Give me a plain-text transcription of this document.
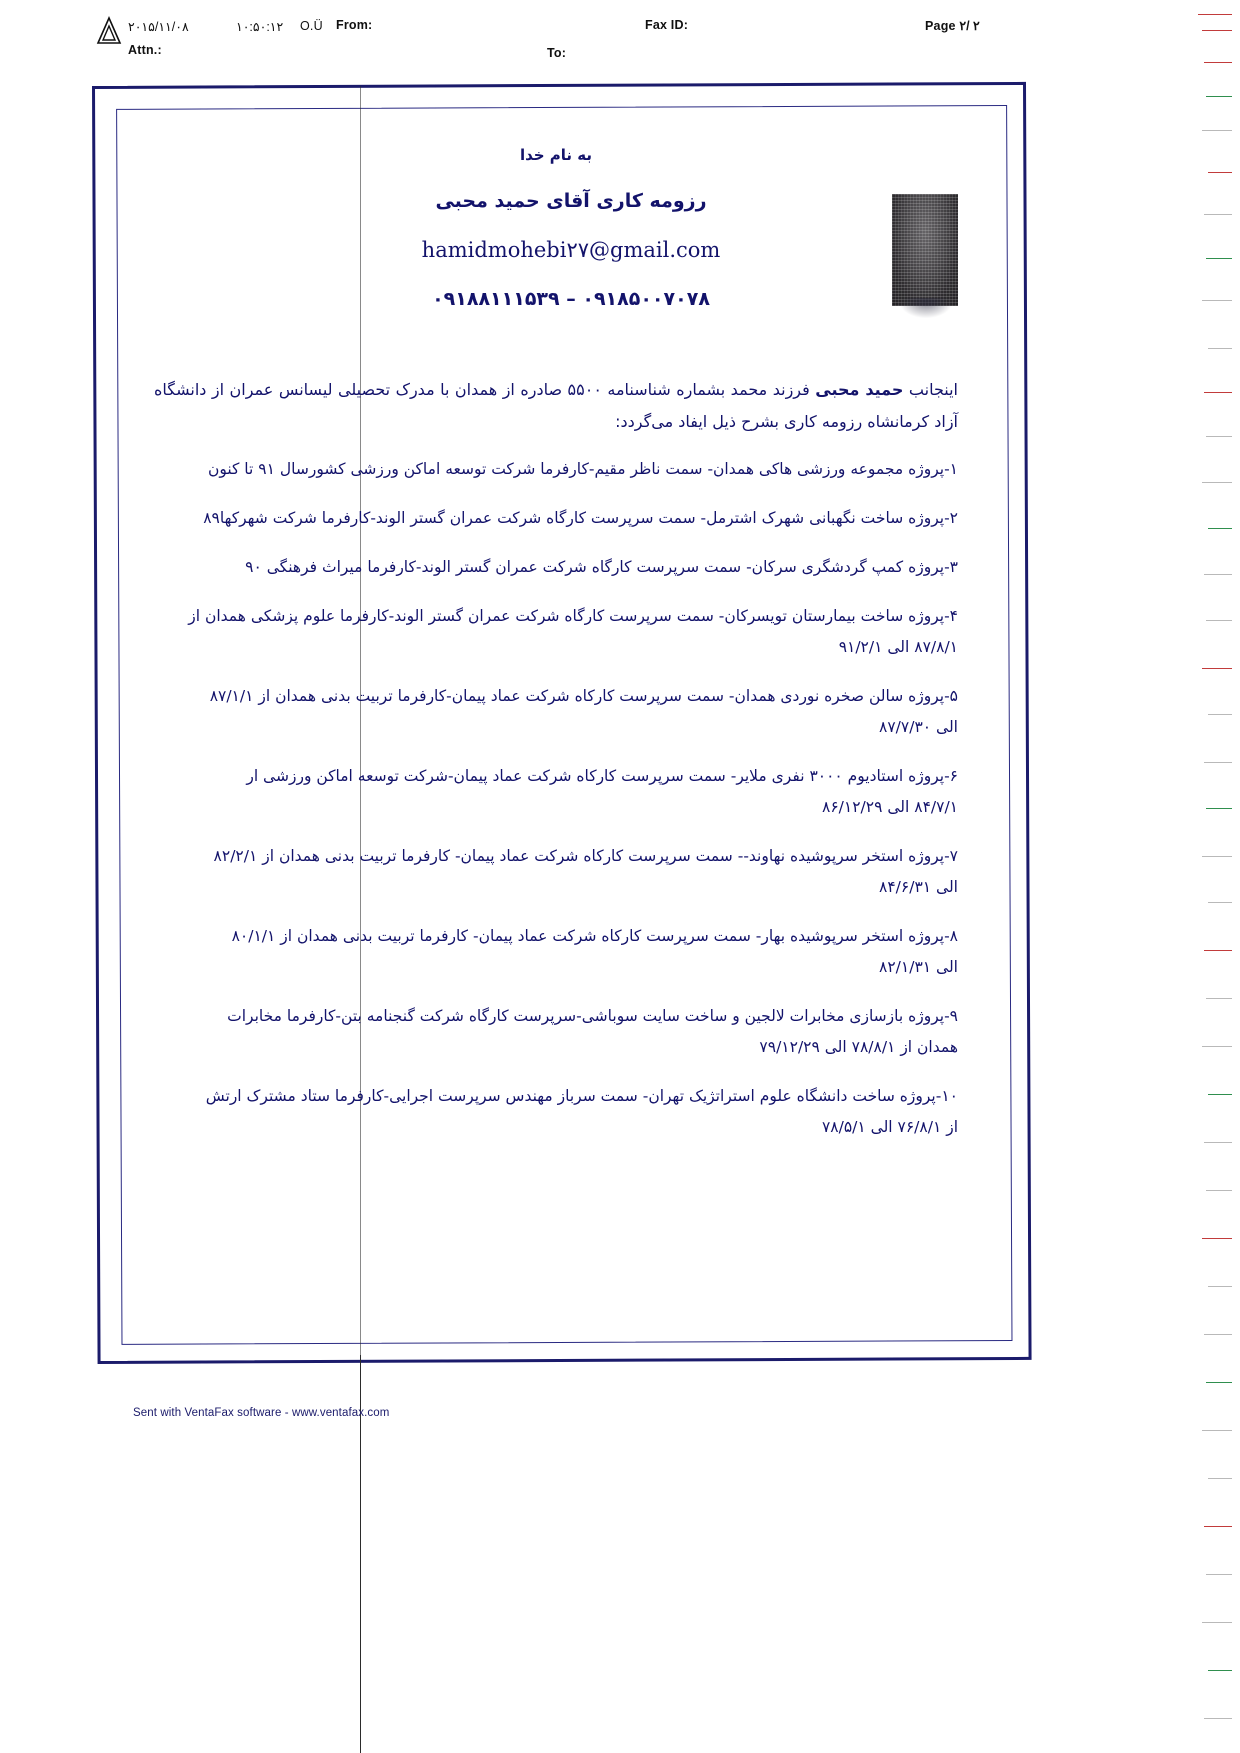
۲۰۱۵/۱۱/۰۸	۱۰:۵۰:۱۲ O.Ü From:	Fax ID:	Page ۲/ ۲
Attn.:	To:
به نام خدا
رزومه کاری آقای حمید محبی
hamidmohebi۲۷@gmail.com
۰۹۱۸۸۱۱۱۵۳۹ – ۰۹۱۸۵۰۰۷۰۷۸

اینجانب حمید محبی فرزند محمد بشماره شناسنامه ۵۵۰۰ صادره از همدان با مدرک تحصیلی لیسانس عمران از دانشگاه آزاد کرمانشاه رزومه کاری بشرح ذیل ایفاد می‌گردد:

۱-پروژه مجموعه ورزشی هاکی همدان- سمت ناظر مقیم-کارفرما شرکت توسعه اماکن ورزشی کشورسال ۹۱ تا کنون

۲-پروژه ساخت نگهبانی شهرک اشترمل- سمت سرپرست کارگاه شرکت عمران گستر الوند-کارفرما شرکت شهرکها۸۹

۳-پروژه کمپ گردشگری سرکان- سمت سرپرست کارگاه شرکت عمران گستر الوند-کارفرما میراث فرهنگی ۹۰

۴-پروژه ساخت بیمارستان تویسرکان- سمت سرپرست کارگاه شرکت عمران گستر الوند-کارفرما علوم پزشکی همدان از
۸۷/۸/۱ الی ۹۱/۲/۱

۵-پروژه سالن صخره نوردی همدان- سمت سرپرست کارکاه شرکت عماد پیمان-کارفرما تربیت بدنی همدان از ۸۷/۱/۱
الی ۸۷/۷/۳۰

۶-پروژه استادیوم ۳۰۰۰ نفری ملایر- سمت سرپرست کارکاه شرکت عماد پیمان-شرکت توسعه اماکن ورزشی ار
۸۴/۷/۱ الی ۸۶/۱۲/۲۹

۷-پروژه استخر سرپوشیده نهاوند-- سمت سرپرست کارکاه شرکت عماد پیمان- کارفرما تربیت بدنی همدان از ۸۲/۲/۱
الی ۸۴/۶/۳۱

۸-پروژه استخر سرپوشیده بهار- سمت سرپرست کارکاه شرکت عماد پیمان- کارفرما تربیت بدنی همدان از ۸۰/۱/۱
الی ۸۲/۱/۳۱

۹-پروژه بازسازی مخابرات لالجین و ساخت سایت سوباشی-سرپرست کارگاه شرکت گنجنامه بتن-کارفرما مخابرات
همدان از ۷۸/۸/۱ الی ۷۹/۱۲/۲۹

۱۰-پروژه ساخت دانشگاه علوم استراتژیک تهران- سمت سرباز مهندس سرپرست اجرایی-کارفرما ستاد مشترک ارتش
از ۷۶/۸/۱ الی ۷۸/۵/۱

Sent with VentaFax software - www.ventafax.com
